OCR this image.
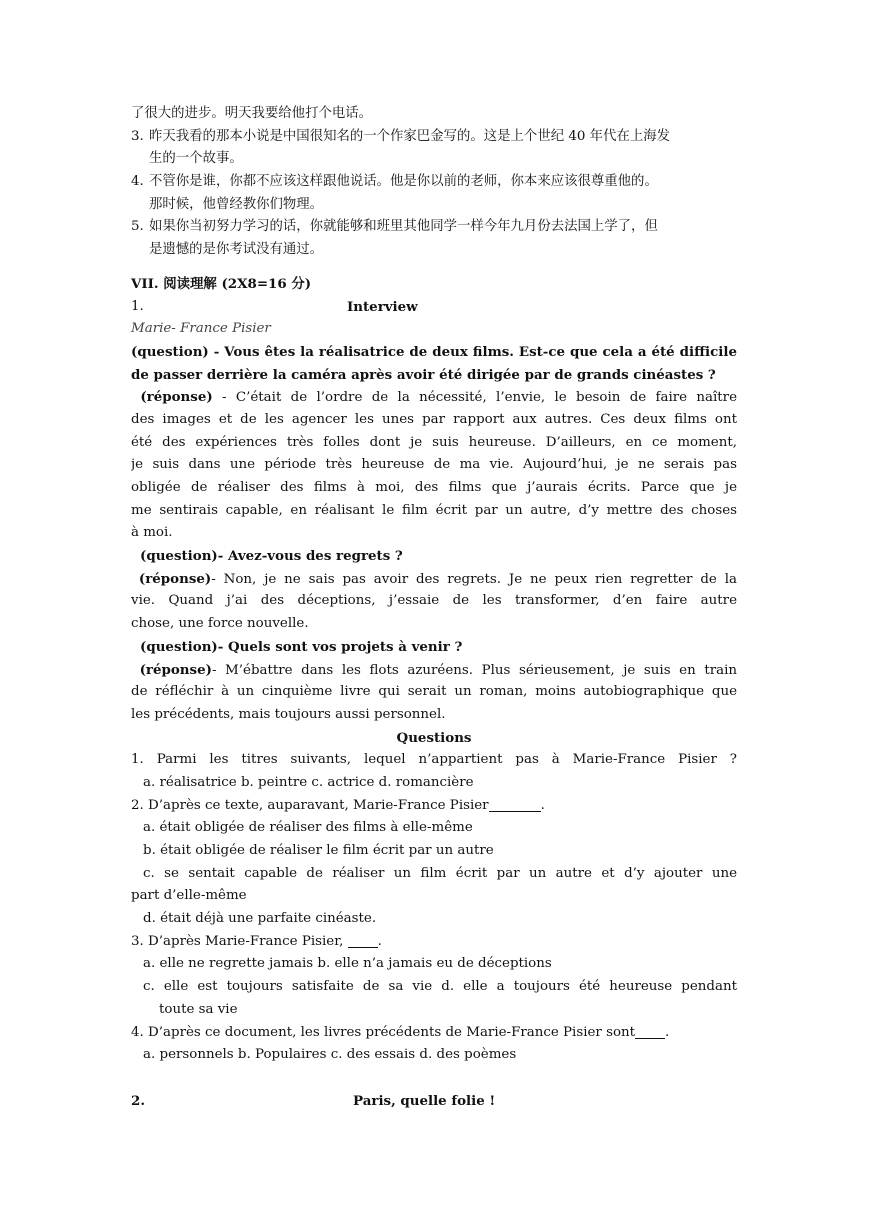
了很大的进步。明天我要给他打个电话。
3. 昨天我看的那本小说是中国很知名的一个作家巴金写的。这是上个世纪 40 年代在上海发
生的一个故事。
4. 不管你是谁，你都不应该这样跟他说话。他是你以前的老师，你本来应该很尊重他的。
那时候，他曾经教你们物理。
5. 如果你当初努力学习的话，你就能够和班里其他同学一样今年九月份去法国上学了，但
是遗憾的是你考试没有通过。
VII. 阅读理解 (2X8=16 分)
1.	Interview
Marie- France Pisier
(question) - Vous êtes la réalisatrice de deux films. Est-ce que cela a été difficile
de passer derrière la caméra après avoir été dirigée par de grands cinéastes ?
(réponse) - C’était de l’ordre de la nécessité, l’envie, le besoin de faire naître
des images et de les agencer les unes par rapport aux autres. Ces deux films ont
été des expériences très folles dont je suis heureuse. D’ailleurs, en ce moment,
je suis dans une période très heureuse de ma vie. Aujourd’hui, je ne serais pas
obligée de réaliser des films à moi, des films que j’aurais écrits. Parce que je
me sentirais capable, en réalisant le film écrit par un autre, d’y mettre des choses
à moi.
(question)- Avez-vous des regrets ?
(réponse)- Non, je ne sais pas avoir des regrets. Je ne peux rien regretter de la
vie. Quand j’ai des déceptions, j’essaie de les transformer, d’en faire autre
chose, une force nouvelle.
(question)- Quels sont vos projets à venir ?
(réponse)- M’ébattre dans les flots azuréens. Plus sérieusement, je suis en train
de réfléchir à un cinquième livre qui serait un roman, moins autobiographique que
les précédents, mais toujours aussi personnel.
Questions
1. Parmi les titres suivants, lequel n’appartient pas à Marie-France Pisier ?
a. réalisatrice b. peintre c. actrice d. romancière
2. D’après ce texte, auparavant, Marie-France Pisier	.
a. était obligée de réaliser des films à elle-même
b. était obligée de réaliser le film écrit par un autre
c. se sentait capable de réaliser un film écrit par un autre et d’y ajouter une
part d’elle-même
d. était déjà une parfaite cinéaste.
3. D’après Marie-France Pisier, .
a. elle ne regrette jamais b. elle n’a jamais eu de déceptions
c. elle est toujours satisfaite de sa vie d. elle a toujours été heureuse pendant
toute sa vie
4. D’après ce document, les livres précédents de Marie-France Pisier sont .
a. personnels b. Populaires c. des essais d. des poèmes
2.	Paris, quelle folie !
